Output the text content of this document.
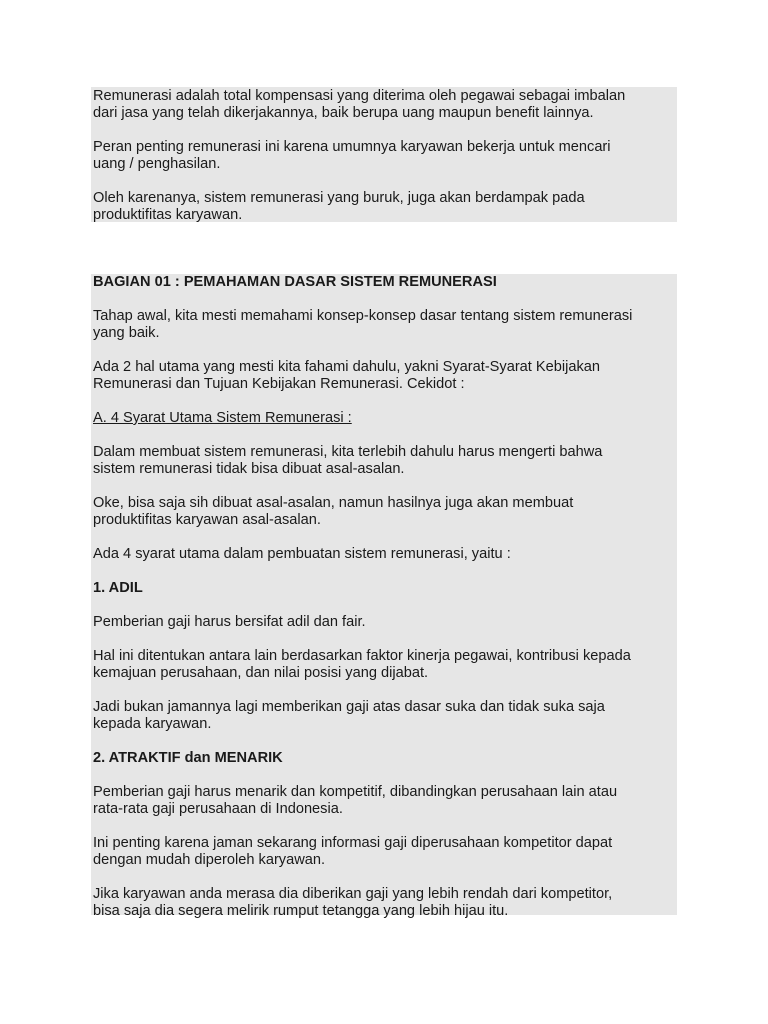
Remunerasi adalah total kompensasi yang diterima oleh pegawai sebagai imbalan
dari jasa yang telah dikerjakannya, baik berupa uang maupun benefit lainnya.

Peran penting remunerasi ini karena umumnya karyawan bekerja untuk mencari
uang / penghasilan.

Oleh karenanya, sistem remunerasi yang buruk, juga akan berdampak pada
produktifitas karyawan.

BAGIAN 01 : PEMAHAMAN DASAR SISTEM REMUNERASI

Tahap awal, kita mesti memahami konsep-konsep dasar tentang sistem remunerasi
yang baik.

Ada 2 hal utama yang mesti kita fahami dahulu, yakni Syarat-Syarat Kebijakan
Remunerasi dan Tujuan Kebijakan Remunerasi. Cekidot :

A. 4 Syarat Utama Sistem Remunerasi :

Dalam membuat sistem remunerasi, kita terlebih dahulu harus mengerti bahwa
sistem remunerasi tidak bisa dibuat asal-asalan.

Oke, bisa saja sih dibuat asal-asalan, namun hasilnya juga akan membuat
produktifitas karyawan asal-asalan.

Ada 4 syarat utama dalam pembuatan sistem remunerasi, yaitu :

1. ADIL

Pemberian gaji harus bersifat adil dan fair.

Hal ini ditentukan antara lain berdasarkan faktor kinerja pegawai, kontribusi kepada
kemajuan perusahaan, dan nilai posisi yang dijabat.

Jadi bukan jamannya lagi memberikan gaji atas dasar suka dan tidak suka saja
kepada karyawan.

2. ATRAKTIF dan MENARIK

Pemberian gaji harus menarik dan kompetitif, dibandingkan perusahaan lain atau
rata-rata gaji perusahaan di Indonesia.

Ini penting karena jaman sekarang informasi gaji diperusahaan kompetitor dapat
dengan mudah diperoleh karyawan.

Jika karyawan anda merasa dia diberikan gaji yang lebih rendah dari kompetitor,
bisa saja dia segera melirik rumput tetangga yang lebih hijau itu.
